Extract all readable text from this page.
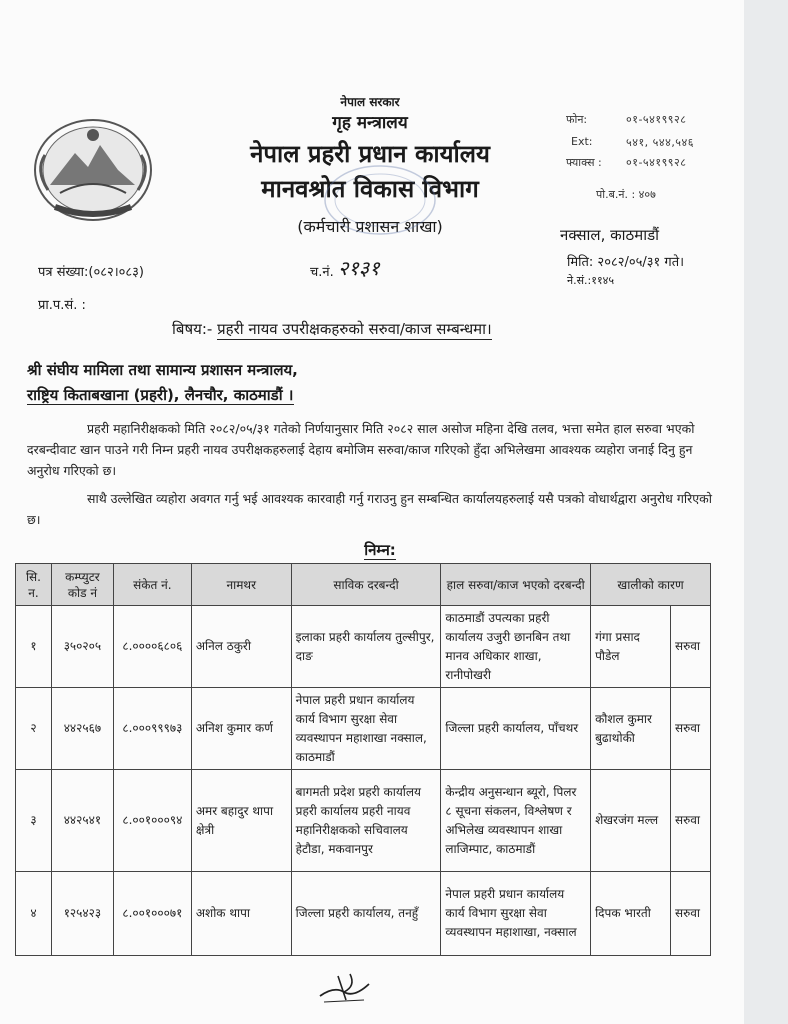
नेपाल सरकार
गृह मन्त्रालय
नेपाल प्रहरी प्रधान कार्यालय
मानवश्रोत विकास विभाग
(कर्मचारी प्रशासन शाखा)
फोन:	०१-५४१९९२८
Ext:	५४१, ५४४,५४६
फ्याक्स : ०१-५४१९९२८
पो.ब.नं. : ४०७
नक्साल, काठमाडौं
मिति: २०८२/०५/३१ गते।
ने.सं.:११४५
पत्र संख्या:(०८२।०८३)	च.नं. २१३१
प्रा.प.सं. :
बिषय:- प्रहरी नायव उपरीक्षकहरुको सरुवा/काज सम्बन्धमा।
श्री संघीय मामिला तथा सामान्य प्रशासन मन्त्रालय,
राष्ट्रिय किताबखाना (प्रहरी), लैनचौर, काठमाडौं ।
प्रहरी महानिरीक्षकको मिति २०८२/०५/३१ गतेको निर्णयानुसार मिति २०८२ साल असोज महिना देखि तलव, भत्ता समेत हाल सरुवा भएको दरबन्दीवाट खान पाउने गरी निम्न प्रहरी नायव उपरीक्षकहरुलाई देहाय बमोजिम सरुवा/काज गरिएको हुँदा अभिलेखमा आवश्यक व्यहोरा जनाई दिनु हुन अनुरोध गरिएको छ।
साथै उल्लेखित व्यहोरा अवगत गर्नु भई आवश्यक कारवाही गर्नु गराउनु हुन सम्बन्धित कार्यालयहरुलाई यसै पत्रको वोधार्थद्वारा अनुरोध गरिएको छ।
निम्न:
सि. न.	कम्प्युटर कोड नं	संकेत नं.	नामथर	साविक दरबन्दी	हाल सरुवा/काज भएको दरबन्दी	खालीको कारण	
१	३५०२०५	८.००००६८०६	अनिल ठकुरी	इलाका प्रहरी कार्यालय तुल्सीपुर, दाङ	काठमाडौं उपत्यका प्रहरी कार्यालय उजुरी छानबिन तथा मानव अधिकार शाखा, रानीपोखरी	गंगा प्रसाद पौडेल	सरुवा
२	४४२५६७	८.०००९९९७३	अनिश कुमार कर्ण	नेपाल प्रहरी प्रधान कार्यालय कार्य विभाग सुरक्षा सेवा व्यवस्थापन महाशाखा नक्साल, काठमाडौं	जिल्ला प्रहरी कार्यालय, पाँचथर	कौशल कुमार बुढाथोकी	सरुवा
३	४४२५४१	८.००१०००९४	अमर बहादुर थापा क्षेत्री	बागमती प्रदेश प्रहरी कार्यालय प्रहरी कार्यालय प्रहरी नायव महानिरीक्षकको सचिवालय हेटौडा, मकवानपुर	केन्द्रीय अनुसन्धान ब्यूरो, पिलर ८ सूचना संकलन, विश्लेषण र अभिलेख व्यवस्थापन शाखा लाजिम्पाट, काठमाडौं	शेखरजंग मल्ल	सरुवा
४	१२५४२३	८.००१०००७१	अशोक थापा	जिल्ला प्रहरी कार्यालय, तनहुँ	नेपाल प्रहरी प्रधान कार्यालय कार्य विभाग सुरक्षा सेवा व्यवस्थापन महाशाखा, नक्साल	दिपक भारती	सरुवा
